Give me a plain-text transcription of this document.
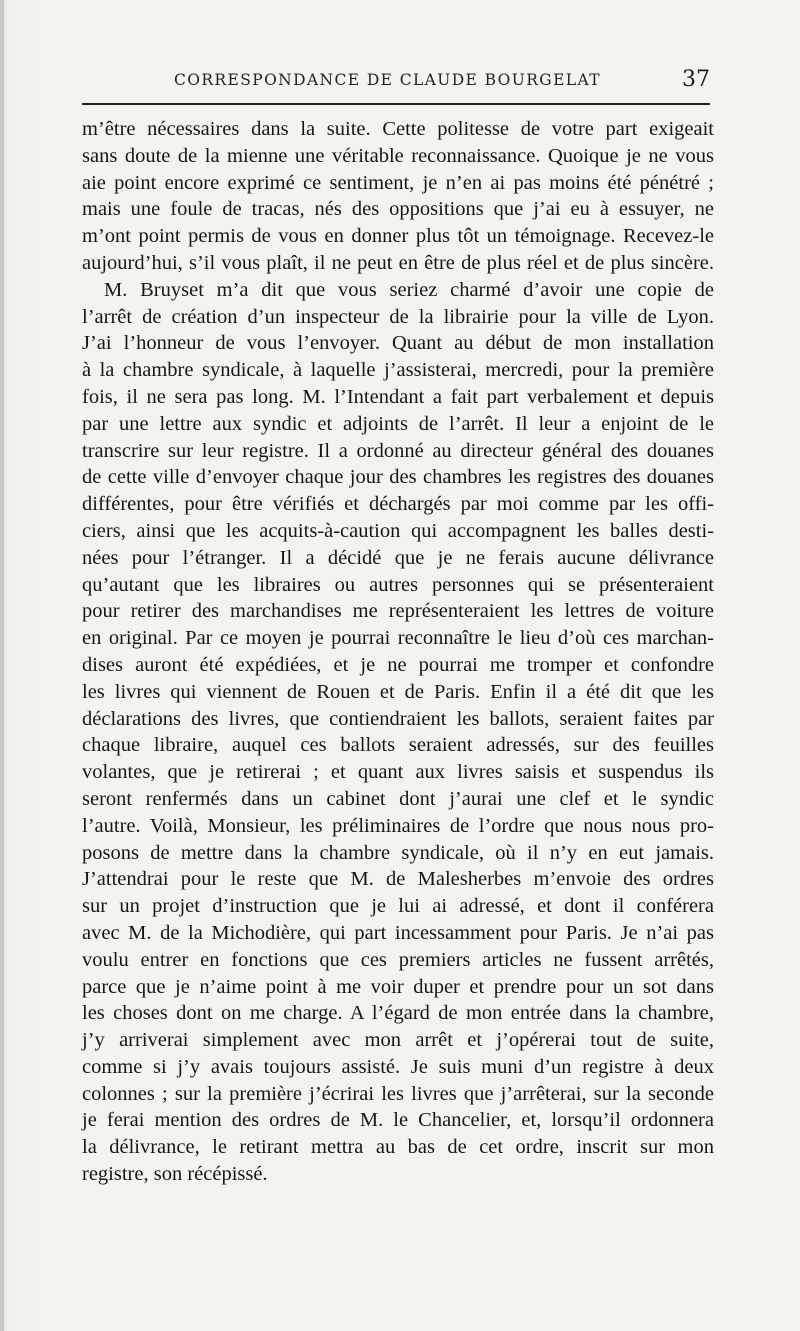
CORRESPONDANCE DE CLAUDE BOURGELAT	37
m’être nécessaires dans la suite. Cette politesse de votre part exigeait
sans doute de la mienne une véritable reconnaissance. Quoique je ne vous
aie point encore exprimé ce sentiment, je n’en ai pas moins été pénétré ;
mais une foule de tracas, nés des oppositions que j’ai eu à essuyer, ne
m’ont point permis de vous en donner plus tôt un témoignage. Recevez-le
aujourd’hui, s’il vous plaît, il ne peut en être de plus réel et de plus sincère.
M. Bruyset m’a dit que vous seriez charmé d’avoir une copie de
l’arrêt de création d’un inspecteur de la librairie pour la ville de Lyon.
J’ai l’honneur de vous l’envoyer. Quant au début de mon installation
à la chambre syndicale, à laquelle j’assisterai, mercredi, pour la première
fois, il ne sera pas long. M. l’Intendant a fait part verbalement et depuis
par une lettre aux syndic et adjoints de l’arrêt. Il leur a enjoint de le
transcrire sur leur registre. Il a ordonné au directeur général des douanes
de cette ville d’envoyer chaque jour des chambres les registres des douanes
différentes, pour être vérifiés et déchargés par moi comme par les offi-
ciers, ainsi que les acquits-à-caution qui accompagnent les balles desti-
nées pour l’étranger. Il a décidé que je ne ferais aucune délivrance
qu’autant que les libraires ou autres personnes qui se présenteraient
pour retirer des marchandises me représenteraient les lettres de voiture
en original. Par ce moyen je pourrai reconnaître le lieu d’où ces marchan-
dises auront été expédiées, et je ne pourrai me tromper et confondre
les livres qui viennent de Rouen et de Paris. Enfin il a été dit que les
déclarations des livres, que contiendraient les ballots, seraient faites par
chaque libraire, auquel ces ballots seraient adressés, sur des feuilles
volantes, que je retirerai ; et quant aux livres saisis et suspendus ils
seront renfermés dans un cabinet dont j’aurai une clef et le syndic
l’autre. Voilà, Monsieur, les préliminaires de l’ordre que nous nous pro-
posons de mettre dans la chambre syndicale, où il n’y en eut jamais.
J’attendrai pour le reste que M. de Malesherbes m’envoie des ordres
sur un projet d’instruction que je lui ai adressé, et dont il conférera
avec M. de la Michodière, qui part incessamment pour Paris. Je n’ai pas
voulu entrer en fonctions que ces premiers articles ne fussent arrêtés,
parce que je n’aime point à me voir duper et prendre pour un sot dans
les choses dont on me charge. A l’égard de mon entrée dans la chambre,
j’y arriverai simplement avec mon arrêt et j’opérerai tout de suite,
comme si j’y avais toujours assisté. Je suis muni d’un registre à deux
colonnes ; sur la première j’écrirai les livres que j’arrêterai, sur la seconde
je ferai mention des ordres de M. le Chancelier, et, lorsqu’il ordonnera
la délivrance, le retirant mettra au bas de cet ordre, inscrit sur mon
registre, son récépissé.
